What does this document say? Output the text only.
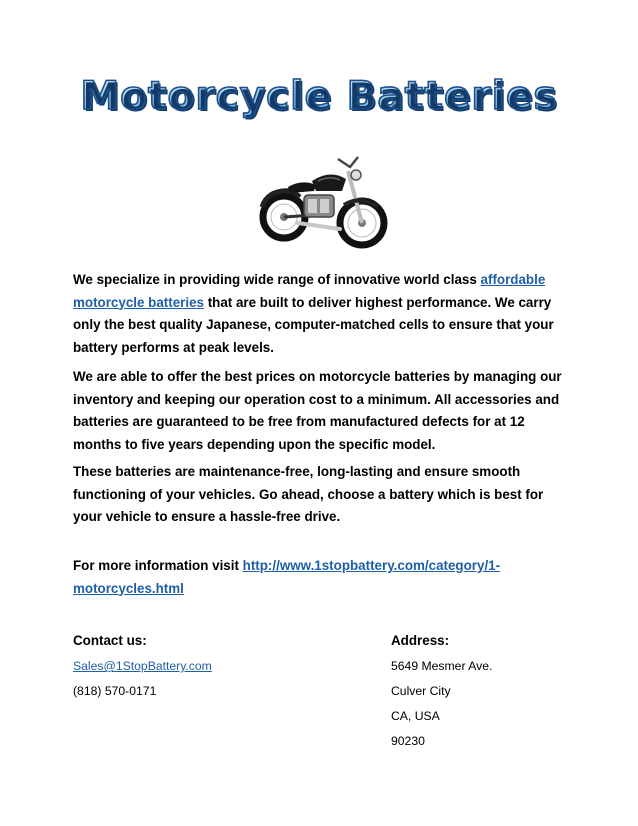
Motorcycle Batteries

We specialize in providing wide range of innovative world class affordable motorcycle batteries that are built to deliver highest performance. We carry only the best quality Japanese, computer-matched cells to ensure that your battery performs at peak levels.

We are able to offer the best prices on motorcycle batteries by managing our inventory and keeping our operation cost to a minimum. All accessories and batteries are guaranteed to be free from manufactured defects for at 12 months to five years depending upon the specific model.

These batteries are maintenance-free, long-lasting and ensure smooth functioning of your vehicles. Go ahead, choose a battery which is best for your vehicle to ensure a hassle-free drive.

For more information visit http://www.1stopbattery.com/category/1-motorcycles.html

Contact us:

Sales@1StopBattery.com

(818) 570-0171

Address:

5649 Mesmer Ave.

Culver City

CA, USA

90230
